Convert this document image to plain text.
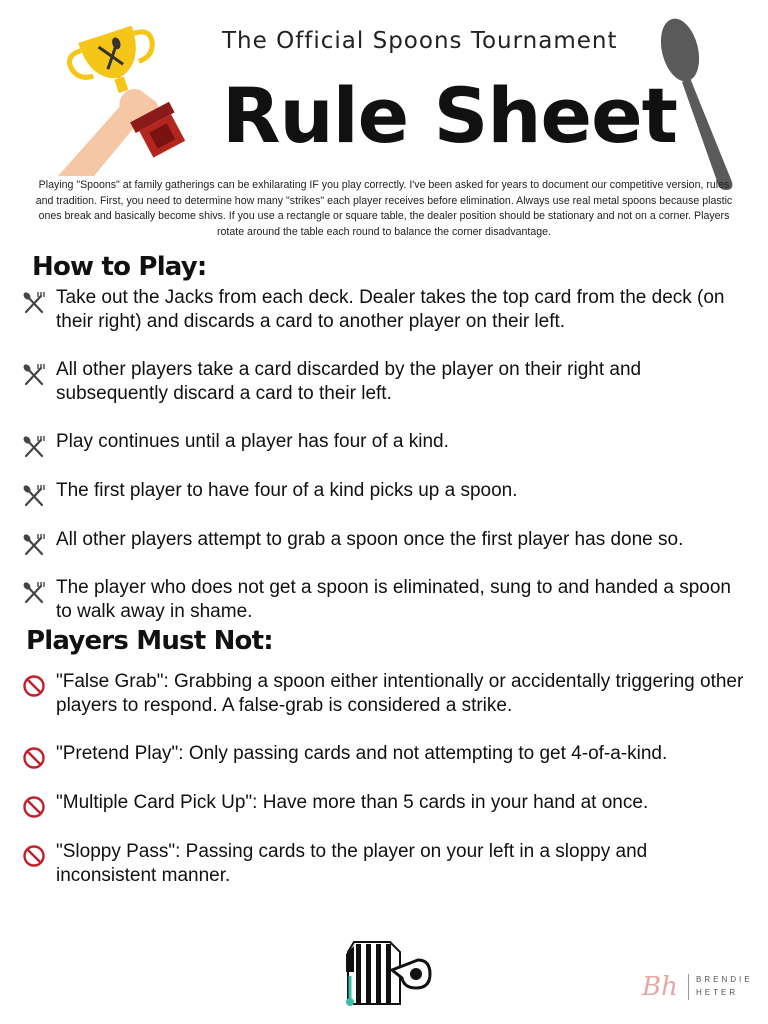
The Official Spoons Tournament
Rule Sheet
Playing "Spoons" at family gatherings can be exhilarating IF you play correctly. I've been asked for years to document our competitive version, rules and tradition. First, you need to determine how many "strikes" each player receives before elimination. Always use real metal spoons because plastic ones break and basically become shivs. If you use a rectangle or square table, the dealer position should be stationary and not on a corner. Players rotate around the table each round to balance the corner disadvantage.
How to Play:
Take out the Jacks from each deck. Dealer takes the top card from the deck (on their right) and discards a card to another player on their left.
All other players take a card discarded by the player on their right and subsequently discard a card to their left.
Play continues until a player has four of a kind.
The first player to have four of a kind picks up a spoon.
All other players attempt to grab a spoon once the first player has done so.
The player who does not get a spoon is eliminated, sung to and handed a spoon to walk away in shame.
Players Must Not:
"False Grab": Grabbing a spoon either intentionally or accidentally triggering other players to respond. A false-grab is considered a strike.
"Pretend Play": Only passing cards and not attempting to get 4-of-a-kind.
"Multiple Card Pick Up": Have more than 5 cards in your hand at once.
"Sloppy Pass": Passing cards to the player on your left in a sloppy and inconsistent manner.
Bh BRENDIE
HETER
